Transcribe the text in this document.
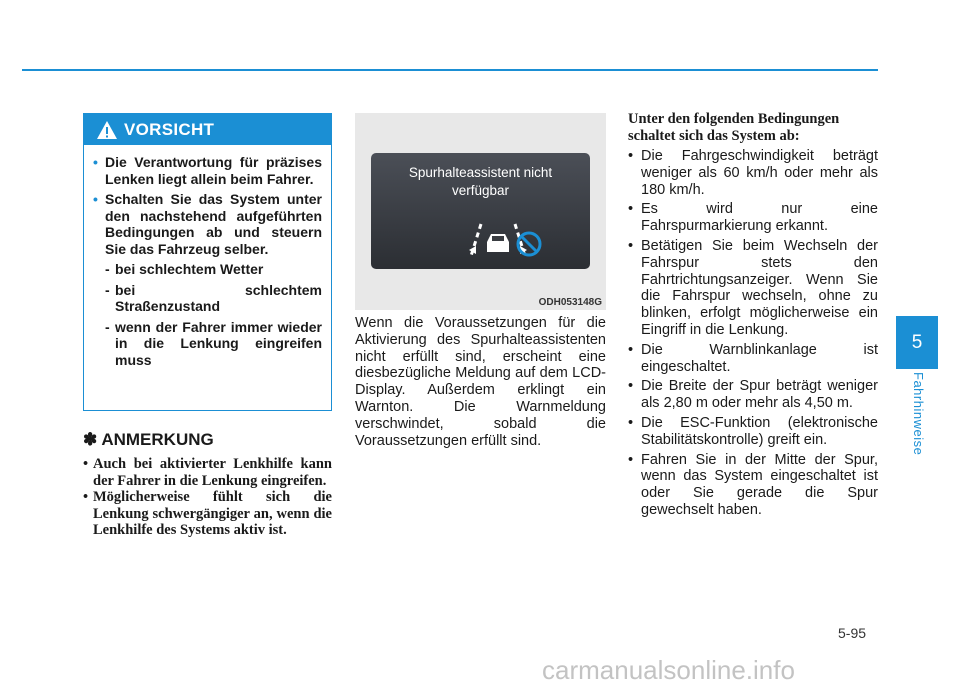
VORSICHT
• Die Verantwortung für präzises Lenken liegt allein beim Fahrer.
• Schalten Sie das System unter den nachstehend aufgeführten Bedingungen ab und steuern Sie das Fahrzeug selber.
- bei schlechtem Wetter
- bei schlechtem Straßenzustand
- wenn der Fahrer immer wieder in die Lenkung eingreifen muss
✽ ANMERKUNG
• Auch bei aktivierter Lenkhilfe kann der Fahrer in die Lenkung eingreifen.
• Möglicherweise fühlt sich die Lenkung schwergängiger an, wenn die Lenkhilfe des Systems aktiv ist.
Spurhalteassistent nicht
verfügbar
ODH053148G
Wenn die Voraussetzungen für die Aktivierung des Spurhalteassistenten nicht erfüllt sind, erscheint eine diesbezügliche Meldung auf dem LCD-Display. Außerdem erklingt ein Warnton. Die Warnmeldung verschwindet, sobald die Voraussetzungen erfüllt sind.
Unter den folgenden Bedingungen schaltet sich das System ab:
• Die Fahrgeschwindigkeit beträgt weniger als 60 km/h oder mehr als 180 km/h.
• Es wird nur eine Fahrspurmarkierung erkannt.
• Betätigen Sie beim Wechseln der Fahrspur stets den Fahrtrichtungsanzeiger. Wenn Sie die Fahrspur wechseln, ohne zu blinken, erfolgt möglicherweise ein Eingriff in die Lenkung.
• Die Warnblinkanlage ist eingeschaltet.
• Die Breite der Spur beträgt weniger als 2,80 m oder mehr als 4,50 m.
• Die ESC-Funktion (elektronische Stabilitätskontrolle) greift ein.
• Fahren Sie in der Mitte der Spur, wenn das System eingeschaltet ist oder Sie gerade die Spur gewechselt haben.
5
Fahrhinweise
5-95
carmanualsonline.info
